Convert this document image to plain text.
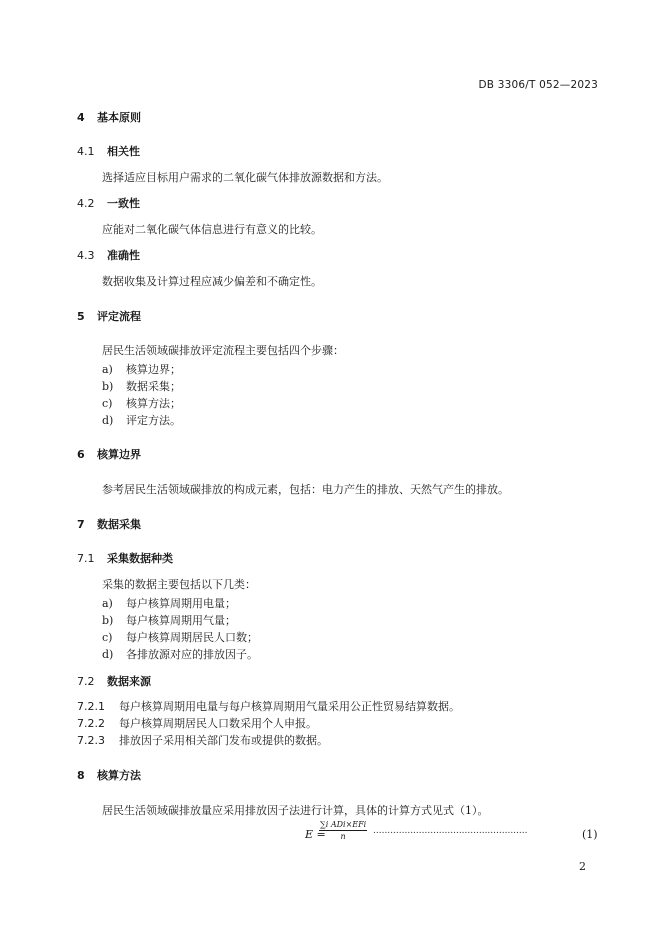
DB 3306/T 052—2023
4 基本原则
4.1 相关性
选择适应目标用户需求的二氧化碳气体排放源数据和方法。
4.2 一致性
应能对二氧化碳气体信息进行有意义的比较。
4.3 准确性
数据收集及计算过程应减少偏差和不确定性。
5 评定流程
居民生活领域碳排放评定流程主要包括四个步骤：
a) 核算边界；
b) 数据采集；
c) 核算方法；
d) 评定方法。
6 核算边界
参考居民生活领域碳排放的构成元素，包括：电力产生的排放、天然气产生的排放。
7 数据采集
7.1 采集数据种类
采集的数据主要包括以下几类：
a) 每户核算周期用电量；
b) 每户核算周期用气量；
c) 每户核算周期居民人口数；
d) 各排放源对应的排放因子。
7.2 数据来源
7.2.1 每户核算周期用电量与每户核算周期用气量采用公正性贸易结算数据。
7.2.2 每户核算周期居民人口数采用个人申报。
7.2.3 排放因子采用相关部门发布或提供的数据。
8 核算方法
居民生活领域碳排放量应采用排放因子法进行计算，具体的计算方式见式（1）。
E =
∑i ADi×EFi
n
......................................................	(1)
2
